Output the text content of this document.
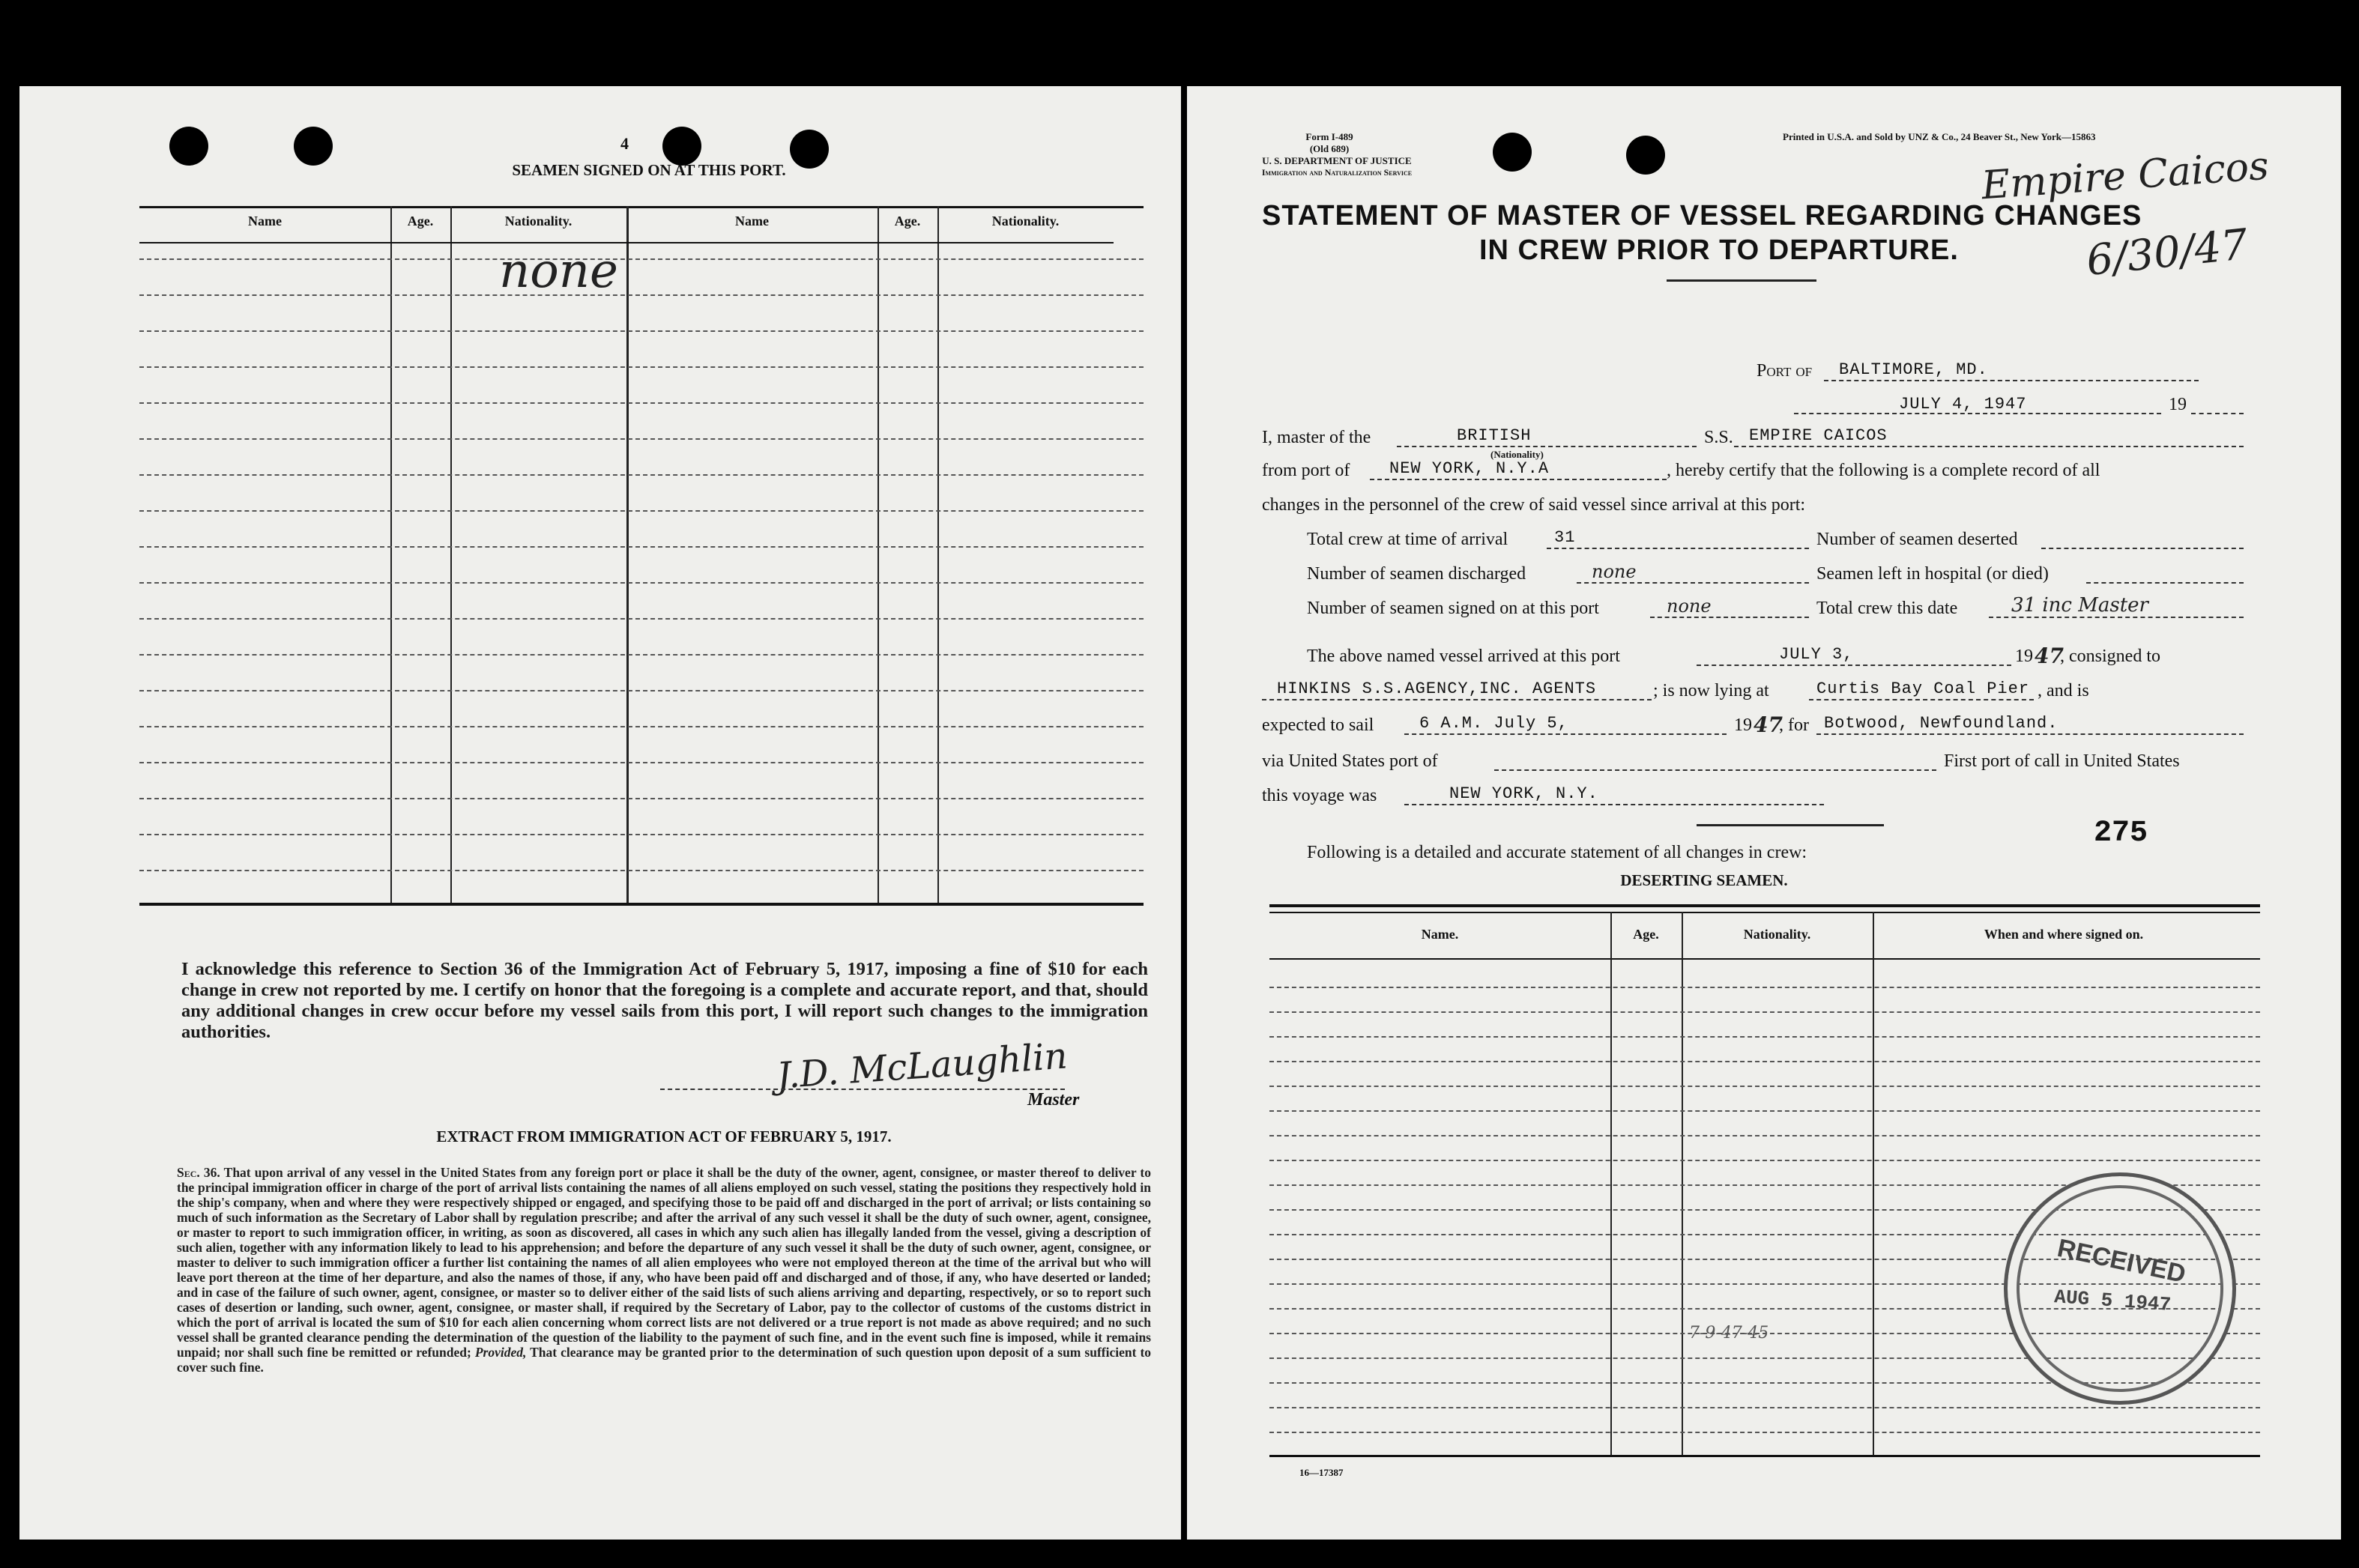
4
SEAMEN SIGNED ON AT THIS PORT.
Name	Age.	Nationality.	Name	Age.	Nationality.
none
I acknowledge this reference to Section 36 of the Immigration Act of February 5, 1917, imposing a fine of $10 for each change in crew not reported by me. I certify on honor that the foregoing is a complete and accurate report, and that, should any additional changes in crew occur before my vessel sails from this port, I will report such changes to the immigration authorities.
J.D. McLaughlin
Master
EXTRACT FROM IMMIGRATION ACT OF FEBRUARY 5, 1917.
Sec. 36. That upon arrival of any vessel in the United States from any foreign port or place it shall be the duty of the owner, agent, consignee, or master thereof to deliver to the principal immigration officer in charge of the port of arrival lists containing the names of all aliens employed on such vessel, stating the positions they respectively hold in the ship's company, when and where they were respectively shipped or engaged, and specifying those to be paid off and discharged in the port of arrival; or lists containing so much of such information as the Secretary of Labor shall by regulation prescribe; and after the arrival of any such vessel it shall be the duty of such owner, agent, consignee, or master to report to such immigration officer, in writing, as soon as discovered, all cases in which any such alien has illegally landed from the vessel, giving a description of such alien, together with any information likely to lead to his apprehension; and before the departure of any such vessel it shall be the duty of such owner, agent, consignee, or master to deliver to such immigration officer a further list containing the names of all alien employees who were not employed thereon at the time of the arrival but who will leave port thereon at the time of her departure, and also the names of those, if any, who have been paid off and discharged and of those, if any, who have deserted or landed; and in case of the failure of such owner, agent, consignee, or master so to deliver either of the said lists of such aliens arriving and departing, respectively, or so to report such cases of desertion or landing, such owner, agent, consignee, or master shall, if required by the Secretary of Labor, pay to the collector of customs of the customs district in which the port of arrival is located the sum of $10 for each alien concerning whom correct lists are not delivered or a true report is not made as above required; and no such vessel shall be granted clearance pending the determination of the question of the liability to the payment of such fine, and in the event such fine is imposed, while it remains unpaid; nor shall such fine be remitted or refunded; Provided, That clearance may be granted prior to the determination of such question upon deposit of a sum sufficient to cover such fine.
Form I-489
(Old 689)
U. S. DEPARTMENT OF JUSTICE
Immigration and Naturalization Service
Printed in U.S.A. and Sold by UNZ & Co., 24 Beaver St., New York—15863
Empire Caicos
6/30/47
STATEMENT OF MASTER OF VESSEL REGARDING CHANGES
IN CREW PRIOR TO DEPARTURE.
Port of BALTIMORE, MD.
JULY 4, 1947	19
I, master of the	BRITISH
(Nationality)
S.S. EMPIRE CAICOS
from port of NEW YORK, N.Y.A	, hereby certify that the following is a complete record of all
changes in the personnel of the crew of said vessel since arrival at this port:
Total crew at time of arrival	31	Number of seamen deserted
Number of seamen discharged	none	Seamen left in hospital (or died)
Number of seamen signed on at this port	none	Total crew this date	31 inc Master
The above named vessel arrived at this port	JULY 3,	19 47
, consigned to
HINKINS S.S.AGENCY,INC. AGENTS	; is now lying at	Curtis Bay Coal Pier , and is
expected to sail	6 A.M. July 5,	19 47
, for Botwood, Newfoundland.
via United States port of	First port of call in United States
this voyage was	NEW YORK, N.Y.
275
Following is a detailed and accurate statement of all changes in crew:
DESERTING SEAMEN.
Name.	Age.	Nationality.	When and where signed on.
7-9-47-45
RECEIVED
AUG 5 1947
16—17387
